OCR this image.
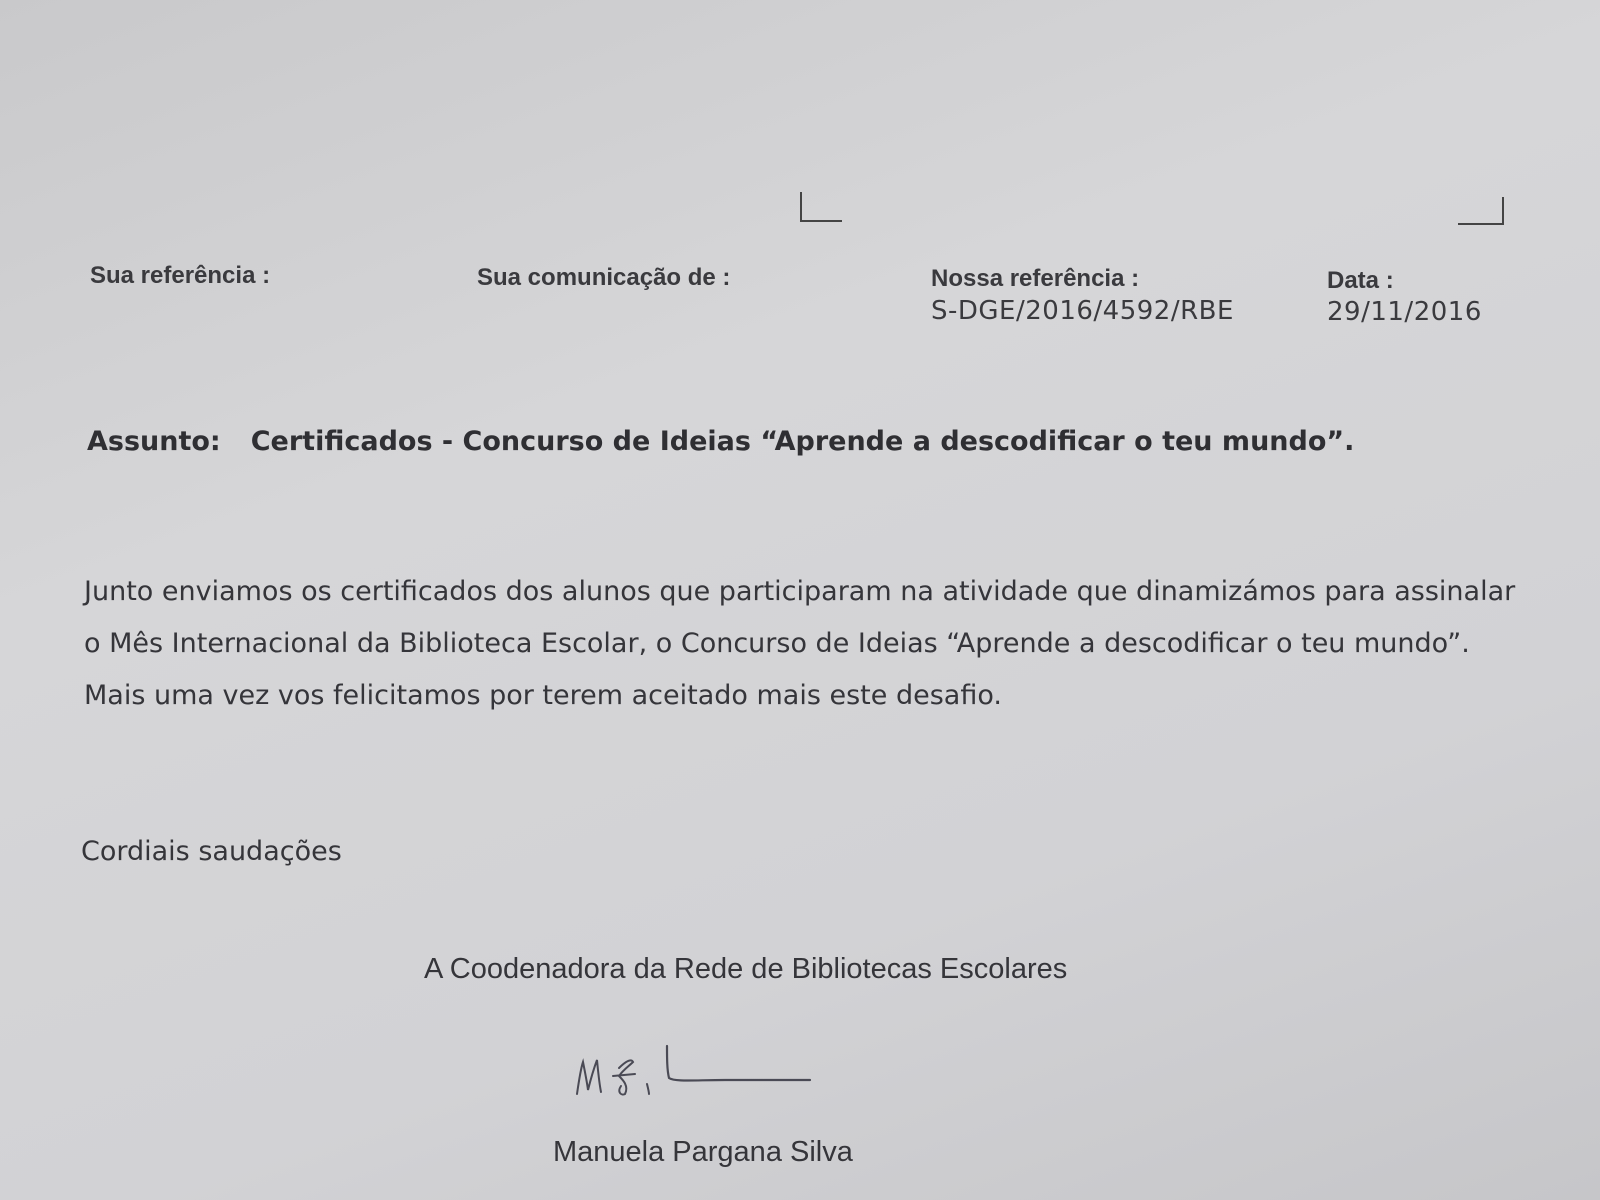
Sua referência :	Sua comunicação de :	Nossa referência :
S-DGE/2016/4592/RBE
Data :
29/11/2016
Assunto: Certificados - Concurso de Ideias “Aprende a descodificar o teu mundo”.

Junto enviamos os certificados dos alunos que participaram na atividade que dinamizámos para assinalar o Mês Internacional da Biblioteca Escolar, o Concurso de Ideias “Aprende a descodificar o teu mundo”.

Mais uma vez vos felicitamos por terem aceitado mais este desafio.

Cordiais saudações
A Coodenadora da Rede de Bibliotecas Escolares
Manuela Pargana Silva
